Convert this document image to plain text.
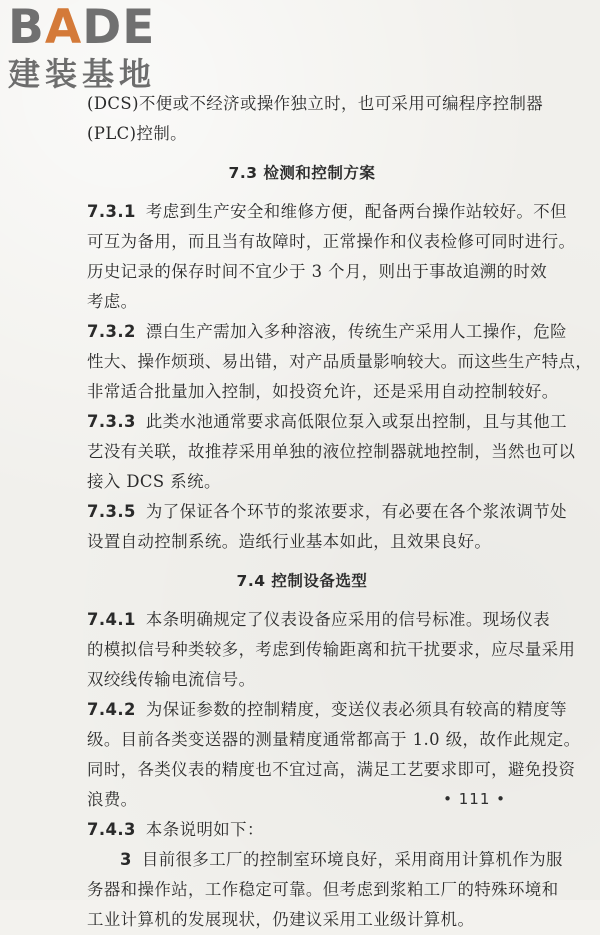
BADE
建装基地
(DCS)不便或不经济或操作独立时，也可采用可编程序控制器
(PLC)控制。
7.3 检测和控制方案
7.3.1 考虑到生产安全和维修方便，配备两台操作站较好。不但
可互为备用，而且当有故障时，正常操作和仪表检修可同时进行。
历史记录的保存时间不宜少于 3 个月，则出于事故追溯的时效
考虑。
7.3.2 漂白生产需加入多种溶液，传统生产采用人工操作，危险
性大、操作烦琐、易出错，对产品质量影响较大。而这些生产特点，
非常适合批量加入控制，如投资允许，还是采用自动控制较好。
7.3.3 此类水池通常要求高低限位泵入或泵出控制，且与其他工
艺没有关联，故推荐采用单独的液位控制器就地控制，当然也可以
接入 DCS 系统。
7.3.5 为了保证各个环节的浆浓要求，有必要在各个浆浓调节处
设置自动控制系统。造纸行业基本如此，且效果良好。
7.4 控制设备选型
7.4.1 本条明确规定了仪表设备应采用的信号标准。现场仪表
的模拟信号种类较多，考虑到传输距离和抗干扰要求，应尽量采用
双绞线传输电流信号。
7.4.2 为保证参数的控制精度，变送仪表必须具有较高的精度等
级。目前各类变送器的测量精度通常都高于 1.0 级，故作此规定。
同时，各类仪表的精度也不宜过高，满足工艺要求即可，避免投资
浪费。
7.4.3 本条说明如下：
3 目前很多工厂的控制室环境良好，采用商用计算机作为服
务器和操作站，工作稳定可靠。但考虑到浆粕工厂的特殊环境和
工业计算机的发展现状，仍建议采用工业级计算机。
• 111 •
